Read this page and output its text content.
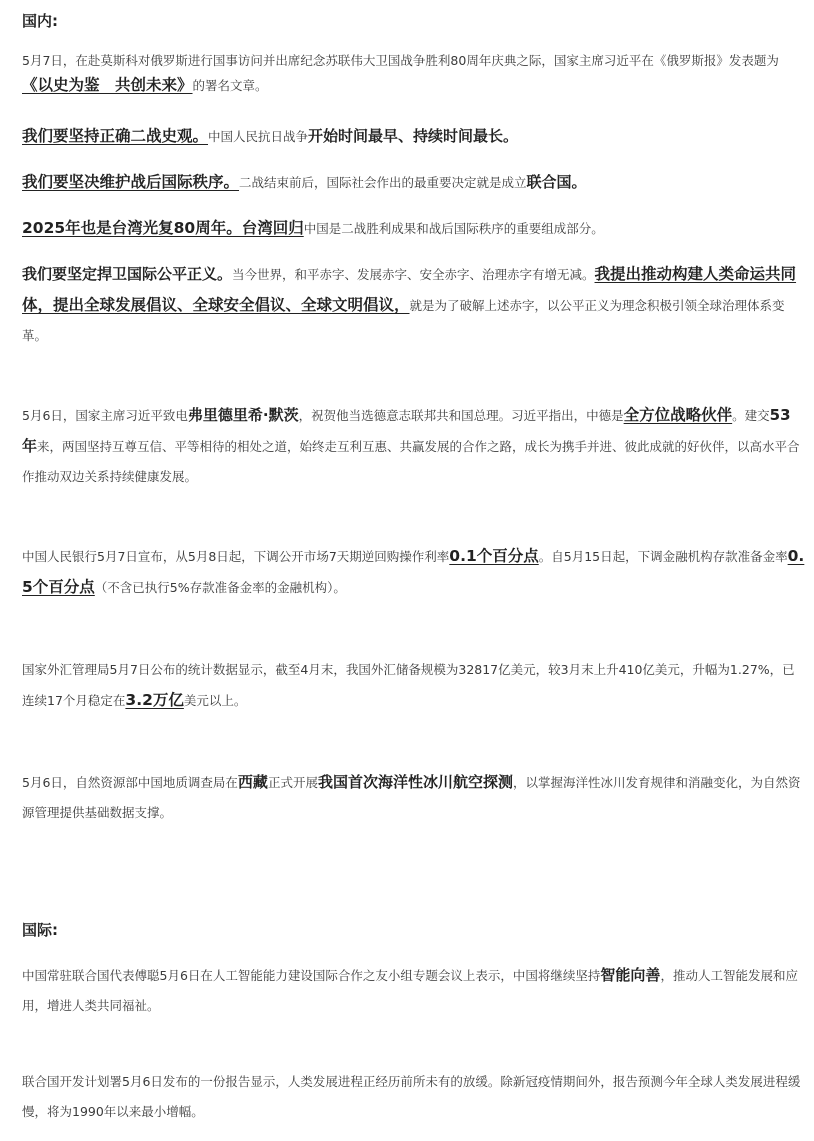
国内:

5月7日，在赴莫斯科对俄罗斯进行国事访问并出席纪念苏联伟大卫国战争胜利80周年庆典之际，国家主席习近平在《俄罗斯报》发表题为《以史为鉴　共创未来》的署名文章。

我们要坚持正确二战史观。中国人民抗日战争开始时间最早、持续时间最长。

我们要坚决维护战后国际秩序。二战结束前后，国际社会作出的最重要决定就是成立联合国。

2025年也是台湾光复80周年。台湾回归中国是二战胜利成果和战后国际秩序的重要组成部分。

我们要坚定捍卫国际公平正义。当今世界，和平赤字、发展赤字、安全赤字、治理赤字有增无减。我提出推动构建人类命运共同体，提出全球发展倡议、全球安全倡议、全球文明倡议，就是为了破解上述赤字，以公平正义为理念积极引领全球治理体系变革。

5月6日，国家主席习近平致电弗里德里希·默茨，祝贺他当选德意志联邦共和国总理。习近平指出，中德是全方位战略伙伴。建交53年来，两国坚持互尊互信、平等相待的相处之道，始终走互利互惠、共赢发展的合作之路，成长为携手并进、彼此成就的好伙伴，以高水平合作推动双边关系持续健康发展。

中国人民银行5月7日宣布，从5月8日起，下调公开市场7天期逆回购操作利率0.1个百分点。自5月15日起，下调金融机构存款准备金率0.5个百分点（不含已执行5%存款准备金率的金融机构）。

国家外汇管理局5月7日公布的统计数据显示，截至4月末，我国外汇储备规模为32817亿美元，较3月末上升410亿美元，升幅为1.27%，已连续17个月稳定在3.2万亿美元以上。

5月6日，自然资源部中国地质调查局在西藏正式开展我国首次海洋性冰川航空探测，以掌握海洋性冰川发育规律和消融变化，为自然资源管理提供基础数据支撑。

国际:

中国常驻联合国代表傅聪5月6日在人工智能能力建设国际合作之友小组专题会议上表示，中国将继续坚持智能向善，推动人工智能发展和应用，增进人类共同福祉。

联合国开发计划署5月6日发布的一份报告显示，人类发展进程正经历前所未有的放缓。除新冠疫情期间外，报告预测今年全球人类发展进程缓慢，将为1990年以来最小增幅。
